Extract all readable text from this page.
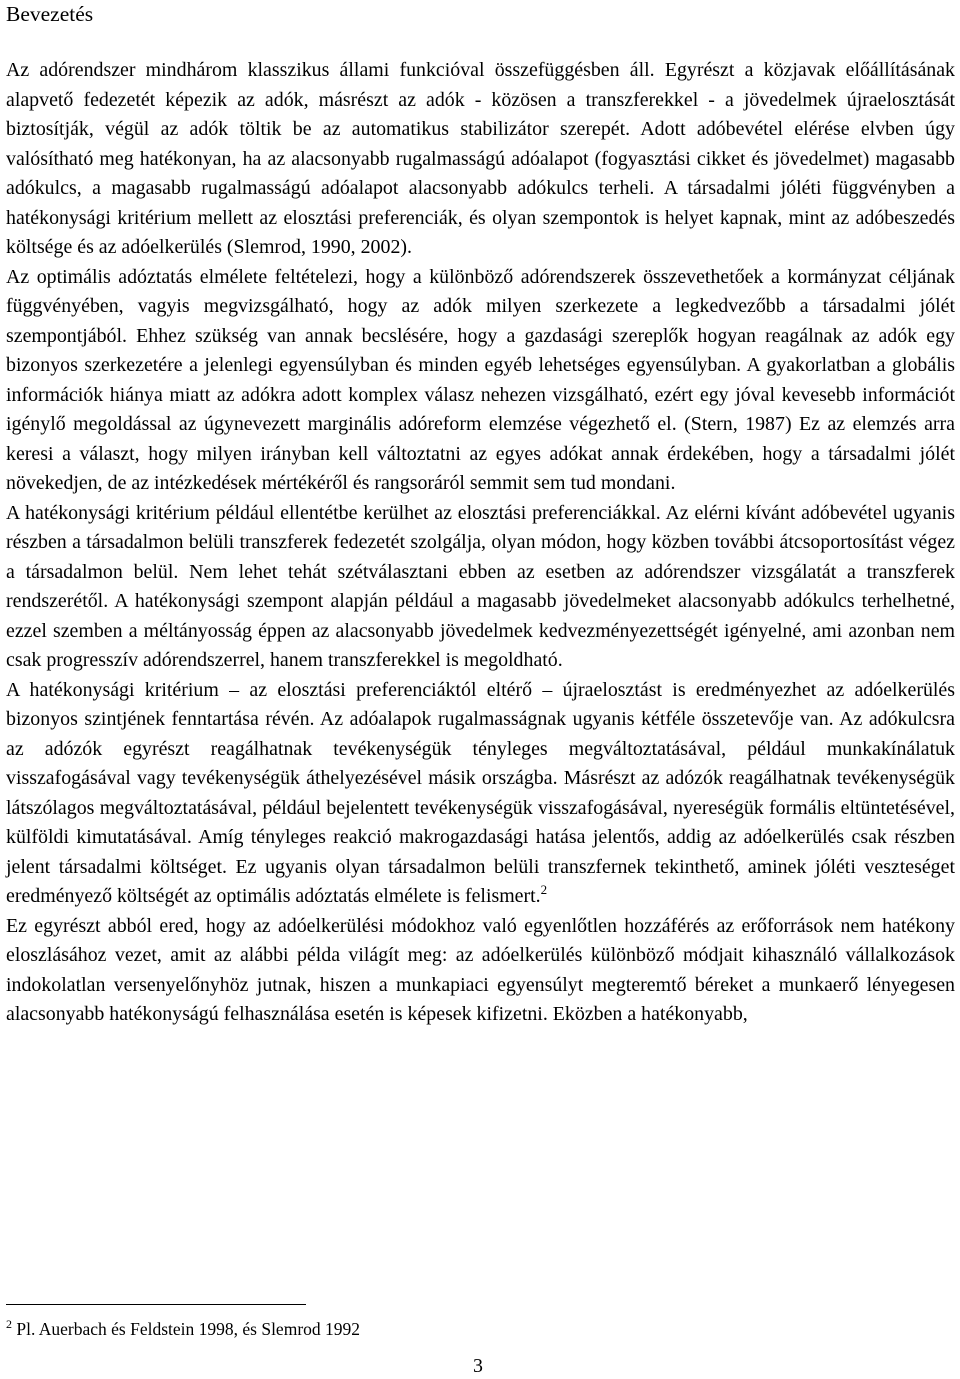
Bevezetés

Az adórendszer mindhárom klasszikus állami funkcióval összefüggésben áll. Egyrészt a közjavak előállításának alapvető fedezetét képezik az adók, másrészt az adók - közösen a transzferekkel - a jövedelmek újraelosztását biztosítják, végül az adók töltik be az automatikus stabilizátor szerepét. Adott adóbevétel elérése elvben úgy valósítható meg hatékonyan, ha az alacsonyabb rugalmasságú adóalapot (fogyasztási cikket és jövedelmet) magasabb adókulcs, a magasabb rugalmasságú adóalapot alacsonyabb adókulcs terheli. A társadalmi jóléti függvényben a hatékonysági kritérium mellett az elosztási preferenciák, és olyan szempontok is helyet kapnak, mint az adóbeszedés költsége és az adóelkerülés (Slemrod, 1990, 2002).

Az optimális adóztatás elmélete feltételezi, hogy a különböző adórendszerek összevethetőek a kormányzat céljának függvényében, vagyis megvizsgálható, hogy az adók milyen szerkezete a legkedvezőbb a társadalmi jólét szempontjából. Ehhez szükség van annak becslésére, hogy a gazdasági szereplők hogyan reagálnak az adók egy bizonyos szerkezetére a jelenlegi egyensúlyban és minden egyéb lehetséges egyensúlyban. A gyakorlatban a globális információk hiánya miatt az adókra adott komplex válasz nehezen vizsgálható, ezért egy jóval kevesebb információt igénylő megoldással az úgynevezett marginális adóreform elemzése végezhető el. (Stern, 1987) Ez az elemzés arra keresi a választ, hogy milyen irányban kell változtatni az egyes adókat annak érdekében, hogy a társadalmi jólét növekedjen, de az intézkedések mértékéről és rangsoráról semmit sem tud mondani.

A hatékonysági kritérium például ellentétbe kerülhet az elosztási preferenciákkal. Az elérni kívánt adóbevétel ugyanis részben a társadalmon belüli transzferek fedezetét szolgálja, olyan módon, hogy közben további átcsoportosítást végez a társadalmon belül. Nem lehet tehát szétválasztani ebben az esetben az adórendszer vizsgálatát a transzferek rendszerétől. A hatékonysági szempont alapján például a magasabb jövedelmeket alacsonyabb adókulcs terhelhetné, ezzel szemben a méltányosság éppen az alacsonyabb jövedelmek kedvezményezettségét igényelné, ami azonban nem csak progresszív adórendszerrel, hanem transzferekkel is megoldható.

A hatékonysági kritérium – az elosztási preferenciáktól eltérő – újraelosztást is eredményezhet az adóelkerülés bizonyos szintjének fenntartása révén. Az adóalapok rugalmasságnak ugyanis kétféle összetevője van. Az adókulcsra az adózók egyrészt reagálhatnak tevékenységük tényleges megváltoztatásával, például munkakínálatuk visszafogásával vagy tevékenységük áthelyezésével másik országba. Másrészt az adózók reagálhatnak tevékenységük látszólagos megváltoztatásával, például bejelentett tevékenységük visszafogásával, nyereségük formális eltüntetésével, külföldi kimutatásával. Amíg tényleges reakció makrogazdasági hatása jelentős, addig az adóelkerülés csak részben jelent társadalmi költséget. Ez ugyanis olyan társadalmon belüli transzfernek tekinthető, aminek jóléti veszteséget eredményező költségét az optimális adóztatás elmélete is felismert.$^2$

Ez egyrészt abból ered, hogy az adóelkerülési módokhoz való egyenlőtlen hozzáférés az erőforrások nem hatékony eloszlásához vezet, amit az alábbi példa világít meg: az adóelkerülés különböző módjait kihasználó vállalkozások indokolatlan versenyelőnyhöz jutnak, hiszen a munkapiaci egyensúlyt megteremtő béreket a munkaerő lényegesen alacsonyabb hatékonyságú felhasználása esetén is képesek kifizetni. Eközben a hatékonyabb,

$^2$ Pl. Auerbach és Feldstein 1998, és Slemrod 1992
3
